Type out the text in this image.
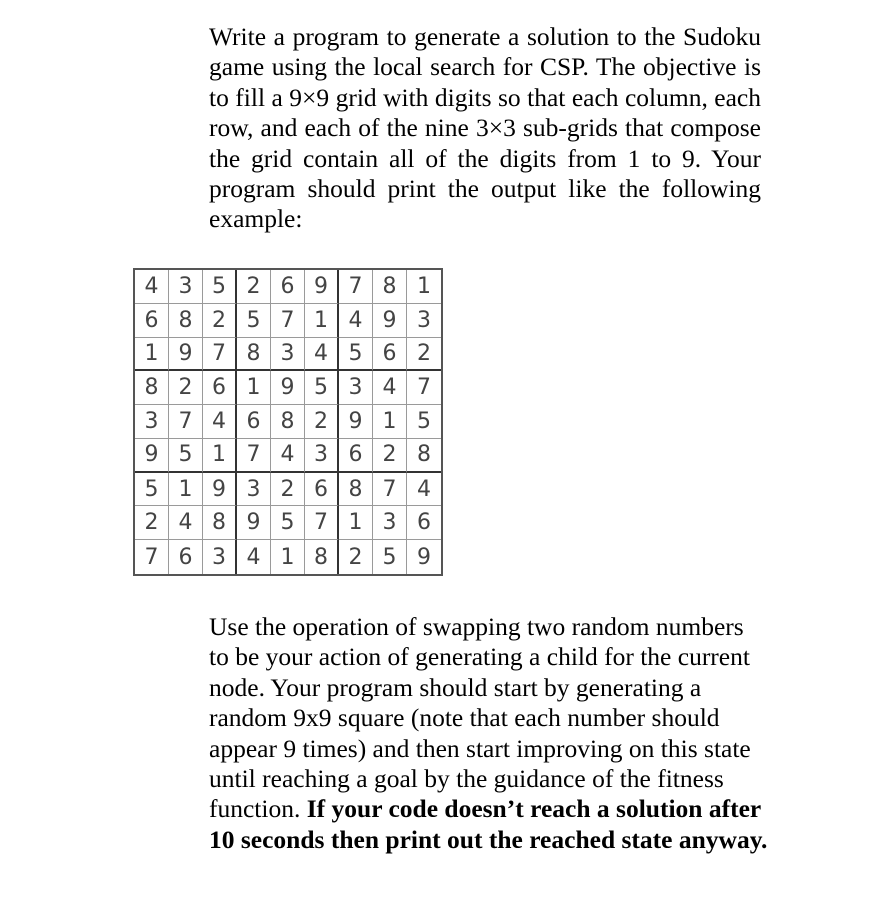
Write a program to generate a solution to the Sudoku game using the local search for CSP. The objective is to fill a 9×9 grid with digits so that each column, each row, and each of the nine 3×3 sub-grids that compose the grid contain all of the digits from 1 to 9. Your program should print the output like the following example:

4 3 5 2 6 9 7 8 1
6 8 2 5 7 1 4 9 3
1 9 7 8 3 4 5 6 2
8 2 6 1 9 5 3 4 7
3 7 4 6 8 2 9 1 5
9 5 1 7 4 3 6 2 8
5 1 9 3 2 6 8 7 4
2 4 8 9 5 7 1 3 6
7 6 3 4 1 8 2 5 9

Use the operation of swapping two random numbers to be your action of generating a child for the current node. Your program should start by generating a random 9x9 square (note that each number should appear 9 times) and then start improving on this state until reaching a goal by the guidance of the fitness function. If your code doesn’t reach a solution after 10 seconds then print out the reached state anyway.
